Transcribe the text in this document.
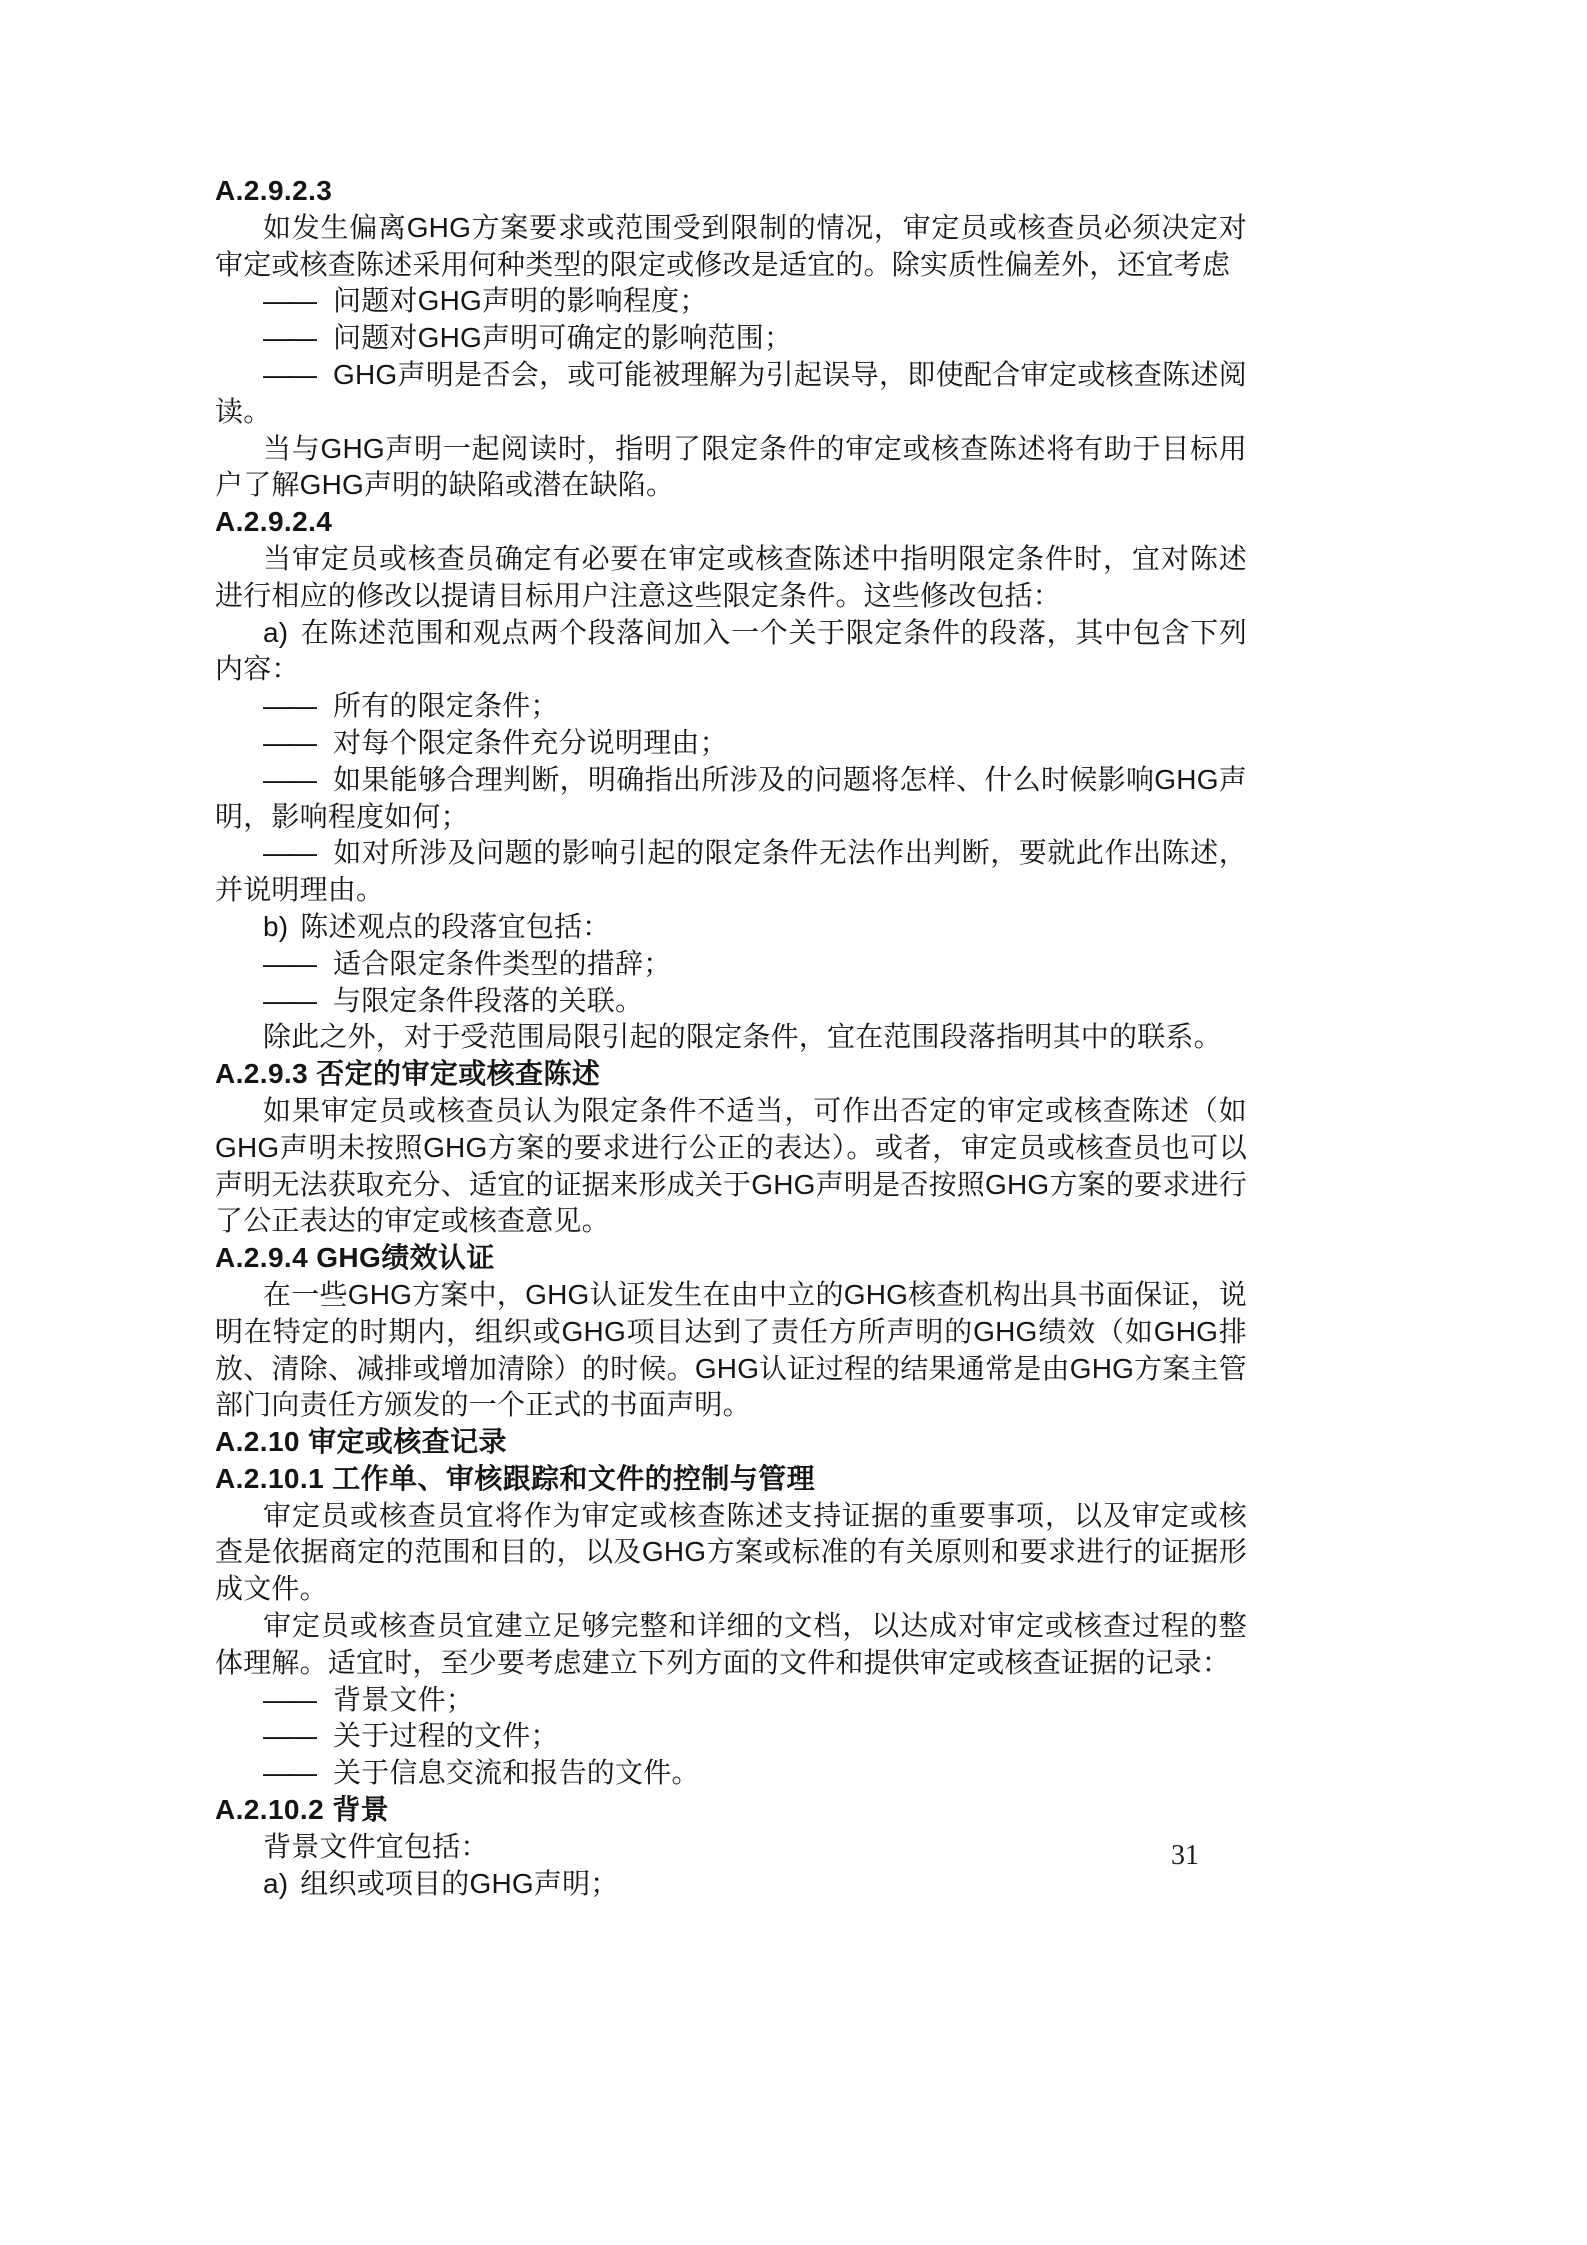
A.2.9.2.3
如发生偏离GHG方案要求或范围受到限制的情况，审定员或核查员必须决定对审定或核查陈述采用何种类型的限定或修改是适宜的。除实质性偏差外，还宜考虑
—— 问题对GHG声明的影响程度；
—— 问题对GHG声明可确定的影响范围；
—— GHG声明是否会，或可能被理解为引起误导，即使配合审定或核查陈述阅读。
当与GHG声明一起阅读时，指明了限定条件的审定或核查陈述将有助于目标用户了解GHG声明的缺陷或潜在缺陷。
A.2.9.2.4
当审定员或核查员确定有必要在审定或核查陈述中指明限定条件时，宜对陈述进行相应的修改以提请目标用户注意这些限定条件。这些修改包括：
a) 在陈述范围和观点两个段落间加入一个关于限定条件的段落，其中包含下列内容：
—— 所有的限定条件；
—— 对每个限定条件充分说明理由；
—— 如果能够合理判断，明确指出所涉及的问题将怎样、什么时候影响GHG声明，影响程度如何；
—— 如对所涉及问题的影响引起的限定条件无法作出判断，要就此作出陈述，并说明理由。
b) 陈述观点的段落宜包括：
—— 适合限定条件类型的措辞；
—— 与限定条件段落的关联。
除此之外，对于受范围局限引起的限定条件，宜在范围段落指明其中的联系。
A.2.9.3 否定的审定或核查陈述
如果审定员或核查员认为限定条件不适当，可作出否定的审定或核查陈述（如GHG声明未按照GHG方案的要求进行公正的表达）。或者，审定员或核查员也可以声明无法获取充分、适宜的证据来形成关于GHG声明是否按照GHG方案的要求进行了公正表达的审定或核查意见。
A.2.9.4 GHG绩效认证
在一些GHG方案中，GHG认证发生在由中立的GHG核查机构出具书面保证，说明在特定的时期内，组织或GHG项目达到了责任方所声明的GHG绩效（如GHG排放、清除、减排或增加清除）的时候。GHG认证过程的结果通常是由GHG方案主管部门向责任方颁发的一个正式的书面声明。
A.2.10 审定或核查记录
A.2.10.1 工作单、审核跟踪和文件的控制与管理
审定员或核查员宜将作为审定或核查陈述支持证据的重要事项，以及审定或核查是依据商定的范围和目的，以及GHG方案或标准的有关原则和要求进行的证据形成文件。
审定员或核查员宜建立足够完整和详细的文档，以达成对审定或核查过程的整体理解。适宜时，至少要考虑建立下列方面的文件和提供审定或核查证据的记录：
—— 背景文件；
—— 关于过程的文件；
—— 关于信息交流和报告的文件。
A.2.10.2 背景
背景文件宜包括：
a) 组织或项目的GHG声明；
31
